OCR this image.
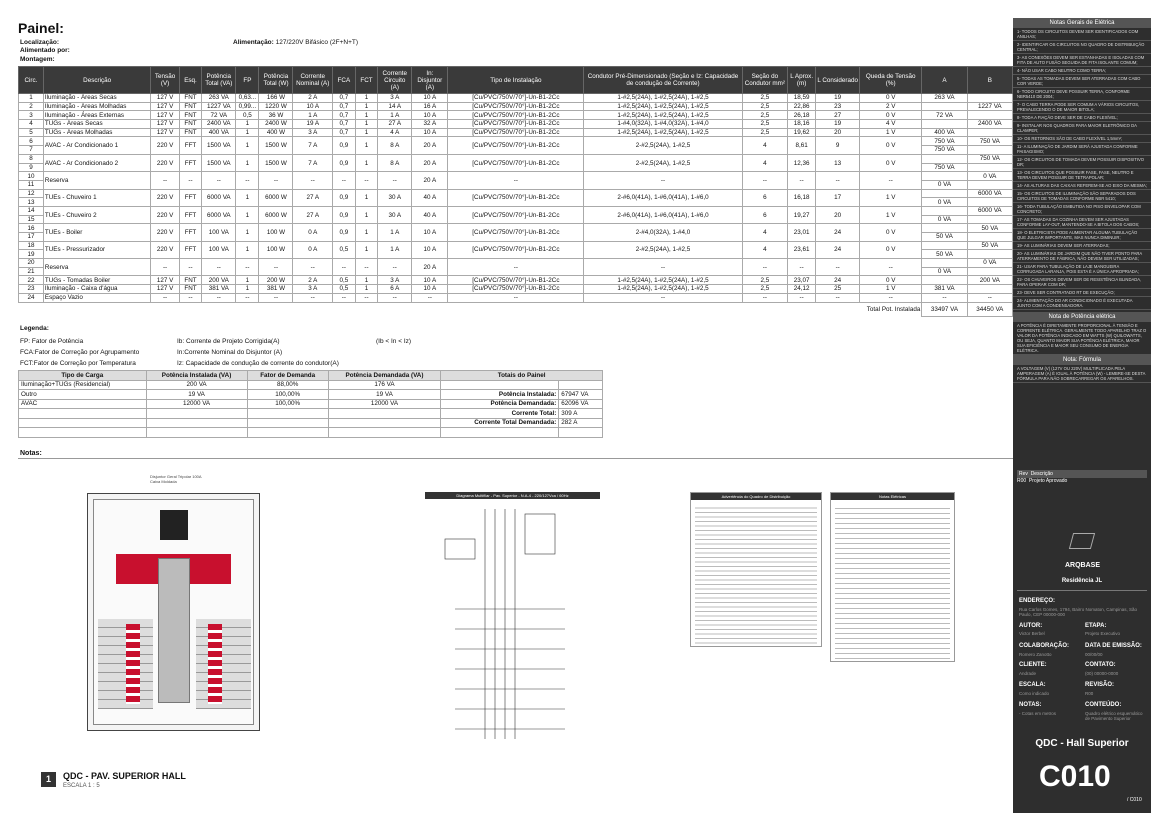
Painel:
Localização:
Alimentado por:
Montagem:
Alimentação: 127/220V Bifásico (2F+N+T)
Circ.	Descrição	Tensão (V)	Esq.	Potência Total (VA)	FP	Potência Total (W)	Corrente Nominal (A)	FCA	FCT	Corrente Circuito (A)	In: Disjuntor (A)	Tipo de Instalação	Condutor Pré-Dimensionado (Seção e Iz: Capacidade de condução de Corrente)	Seção do Condutor mm²	L Aprox. (m)	L Considerado	Queda de Tensão (%)	A	B
1	Iluminação - Áreas Secas	127 V	FNT	263 VA	0,63...	166 W	2 A	0,7	1	3 A	10 A	[Cu/PVC/750V/70°]-Un-B1-2Cc	1-#2,5(24A), 1-#2,5(24A), 1-#2,5	2,5	18,59	19	0 V	263 VA	
2	Iluminação - Áreas Molhadas	127 V	FNT	1227 VA	0,99...	1220 W	10 A	0,7	1	14 A	16 A	[Cu/PVC/750V/70°]-Un-B1-2Cc	1-#2,5(24A), 1-#2,5(24A), 1-#2,5	2,5	22,86	23	2 V		1227 VA
3	Iluminação - Áreas Externas	127 V	FNT	72 VA	0,5	36 W	1 A	0,7	1	1 A	10 A	[Cu/PVC/750V/70°]-Un-B1-2Cc	1-#2,5(24A), 1-#2,5(24A), 1-#2,5	2,5	26,18	27	0 V	72 VA	
4	TUGs - Áreas Secas	127 V	FNT	2400 VA	1	2400 W	19 A	0,7	1	27 A	32 A	[Cu/PVC/750V/70°]-Un-B1-2Cc	1-#4,0(32A), 1-#4,0(32A), 1-#4,0	2,5	18,16	19	4 V		2400 VA
5	TUGs - Áreas Molhadas	127 V	FNT	400 VA	1	400 W	3 A	0,7	1	4 A	10 A	[Cu/PVC/750V/70°]-Un-B1-2Cc	1-#2,5(24A), 1-#2,5(24A), 1-#2,5	2,5	19,62	20	1 V	400 VA	
6	AVAC - Ar Condicionado 1	220 V	FFT	1500 VA	1	1500 W	7 A	0,9	1	8 A	20 A	[Cu/PVC/750V/70°]-Un-B1-2Cc	2-#2,5(24A), 1-#2,5	4	8,61	9	0 V	750 VA	750 VA
7																		750 VA	
8	AVAC - Ar Condicionado 2	220 V	FFT	1500 VA	1	1500 W	7 A	0,9	1	8 A	20 A	[Cu/PVC/750V/70°]-Un-B1-2Cc	2-#2,5(24A), 1-#2,5	4	12,36	13	0 V		750 VA
9																		750 VA	
10	Reserva	--	--	--	--	--	--	--	--	--	20 A	--	--	--	--	--	--		0 VA
11																		0 VA	
12	TUEs - Chuveiro 1	220 V	FFT	6000 VA	1	6000 W	27 A	0,9	1	30 A	40 A	[Cu/PVC/750V/70°]-Un-B1-2Cc	2-#6,0(41A), 1-#6,0(41A), 1-#6,0	6	16,18	17	1 V		6000 VA
13																		0 VA	
14	TUEs - Chuveiro 2	220 V	FFT	6000 VA	1	6000 W	27 A	0,9	1	30 A	40 A	[Cu/PVC/750V/70°]-Un-B1-2Cc	2-#6,0(41A), 1-#6,0(41A), 1-#6,0	6	19,27	20	1 V		6000 VA
15																		0 VA	
16	TUEs - Boiler	220 V	FFT	100 VA	1	100 W	0 A	0,9	1	1 A	10 A	[Cu/PVC/750V/70°]-Un-B1-2Cc	2-#4,0(32A), 1-#4,0	4	23,01	24	0 V		50 VA
17																		50 VA	
18	TUEs - Pressurizador	220 V	FFT	100 VA	1	100 W	0 A	0,5	1	1 A	10 A	[Cu/PVC/750V/70°]-Un-B1-2Cc	2-#2,5(24A), 1-#2,5	4	23,61	24	0 V		50 VA
19																		50 VA	
20	Reserva	--	--	--	--	--	--	--	--	--	20 A	--	--	--	--	--	--		0 VA
21																		0 VA	
22	TUGs - Tomadas Boiler	127 V	FNT	200 VA	1	200 W	2 A	0,5	1	3 A	10 A	[Cu/PVC/750V/70°]-Un-B1-2Cc	1-#2,5(24A), 1-#2,5(24A), 1-#2,5	2,5	23,07	24	0 V		200 VA
23	Iluminação - Caixa d'água	127 V	FNT	381 VA	1	381 W	3 A	0,5	1	6 A	10 A	[Cu/PVC/750V/70°]-Un-B1-2Cc	1-#2,5(24A), 1-#2,5(24A), 1-#2,5	2,5	24,12	25	1 V	381 VA	
24	Espaço Vazio	--	--	--	--	--	--	--	--	--	--	--	--	--	--	--	--	--	--
Total Pot. Instalada																		33497 VA	34450 VA
Legenda:
FP: Fator de Potência
FCA:Fator de Correção por Agrupamento
FCT:Fator de Correção por Temperatura
Ib: Corrente de Projeto Corrigida(A)
In:Corrente Nominal do Disjuntor (A)
Iz: Capacidade de condução de corrente do condutor(A)
(Ib < In < Iz)
Tipo de Carga	Potência Instalada (VA)	Fator de Demanda	Potência Demandada (VA)	Totais do Painel	
Iluminação+TUGs (Residencial)	200 VA	88,00%	176 VA		
Outro	19 VA	100,00%	19 VA	Potência Instalada:	67947 VA
AVAC	12000 VA	100,00%	12000 VA	Potência Demandada:	62096 VA
				Corrente Total:	309 A
				Corrente Total Demandada:	282 A

Notas:
Disjuntor Geral Tripolar 100A Caixa Moldada
1	QDC - PAV. SUPERIOR HALL
ESCALA 1 : 5
Diagrama Multifilar - Pav. Superior - N.A-4 - 220/127Vca / 60Hz	Advertência do Quadro de Distribuição	Notas Elétricas
Notas Gerais de Elétrica
1- TODOS OS CIRCUITOS DEVEM SER IDENTIFICADOS COM ANILHAS;
2- IDENTIFICAR OS CIRCUITOS NO QUADRO DE DISTRIBUIÇÃO CENTRAL;
3- AS CONEXÕES DEVEM SER ESTANHADAS E ISOLADAS COM FITA DE AUTO FUSÃO SEGUIDA DE FITA ISOLANTE COMUM;
4- NÃO USAR CABO NEUTRO COMO TERRA;
5- TODAS AS TOMADAS DEVEM SER ATERRADAS COM CABO COR VERDE;
6- TODO CIRCUITO DEVE POSSUIR TERRA, CONFORME NBR5410 DE 2004;
7- O CABO TERRA PODE SER COMUM A VÁRIOS CIRCUITOS, PREVALECENDO O DE MAIOR BITOLA;
8- TODA A FIAÇÃO DEVE SER DE CABO FLEXÍVEL;
9- INSTALAR NOS QUADROS PARA MAIOR ELETRÔNICO DA CLAMPER;
10- OS RETORNOS SÃO DE CABO FLEXÍVEL 1,5mm²;
11- A ILUMINAÇÃO DE JARDIM SERÁ AJUSTADA CONFORME PAISAGISMO;
12- OS CIRCUITOS DE TOMADA DEVEM POSSUIR DISPOSITIVO DR;
13- OS CIRCUITOS QUE POSSUIR FASE, FASE, NEUTRO E TERRA DEVEM POSSUIR DE TETRAPOLAR;
14- AS ALTURAS DAS CAIXAS REFEREM-SE AO EIXO DA MESMA;
15- OS CIRCUITOS DE ILUMINAÇÃO SÃO SEPARADOS DOS CIRCUITOS DE TOMADAS CONFORME NBR 5410;
16- TODA TUBULAÇÃO EMBUTIDA NO PISO ENVELOPAR COM CONCRETO;
17- AS TOMADAS DA COZINHA DEVEM SER AJUSTADAS CONFORME LAY-OUT, MANTENDO-SE A BITOLA DOS CABOS;
18- O ELETRICISTA PODE AUMENTAR ALGUMA TUBULAÇÃO QUE JULGAR IMPORTANTE, MAS NUNCA DIMINUIR;
19- AS LUMINÁRIAS DEVEM SER ATERRADAS;
20- AS LUMINÁRIAS DE JARDIM QUE NÃO TIVER PONTO PARA ATERRAMENTO DE FÁBRICA, NÃO DEVEM SER UTILIZADAS;
21- USAR PARA TUBULAÇÃO DE LAJE MANGUEIRA CORRUGADA LARANJA, POIS ESTA É A ÚNICA APROPRIADA;
22- OS CHUVEIROS DEVEM SER DE RESISTÊNCIA BLINDADA, PARA OPERAR COM DR;
23- DEVE SER CONTRATADO RT DE EXECUÇÃO;
24- ALIMENTAÇÃO DO AR CONDICIONADO É EXECUTADA JUNTO COM A CONDENSADORA.
Nota de Potência elétrica
A POTÊNCIA É DIRETAMENTE PROPORCIONAL À TENSÃO E CORRENTE ELÉTRICA. GERALMENTE TODO APARELHO TRAZ O VALOR DA POTÊNCIA INDICADO EM WATTS (W) QUILOWATTS, OU SEJA, QUANTO MAIOR SUA POTÊNCIA ELÉTRICA, MAIOR SUA EFICIÊNCIA E MAIOR SEU CONSUMO DE ENERGIA ELÉTRICA.
Nota: Fórmula
A VOLTAGEM (V) (127V OU 220V) MULTIPLICADA PELA AMPERAGEM (A) É IGUAL À POTÊNCIA (W) - LEMBRE-SE DESTA FÓRMULA PARA NÃO SOBRECARREGAR OS APARELHOS.
Rev Descrição
R00 Projeto Aprovado
ARQBASE
Residência JL
ENDEREÇO:
Rua Carlos Gomes, 1794, Bairro Nomaton, Campinas, São Paulo, CEP 00000-000
AUTOR:
Victor Berbel
ETAPA:
Projeto Executivo
COLABORAÇÃO:
Romero Zanotto
DATA DE EMISSÃO:
00/00/00
CLIENTE:
Andrade
CONTATO:
(00) 00000-0000
ESCALA:
Como indicado
REVISÃO:
R00
NOTAS:
- Cotas em metros
CONTEÚDO:
Quadro elétrico esquemático de Pavimento Superior
QDC - Hall Superior
C010
/ C010
